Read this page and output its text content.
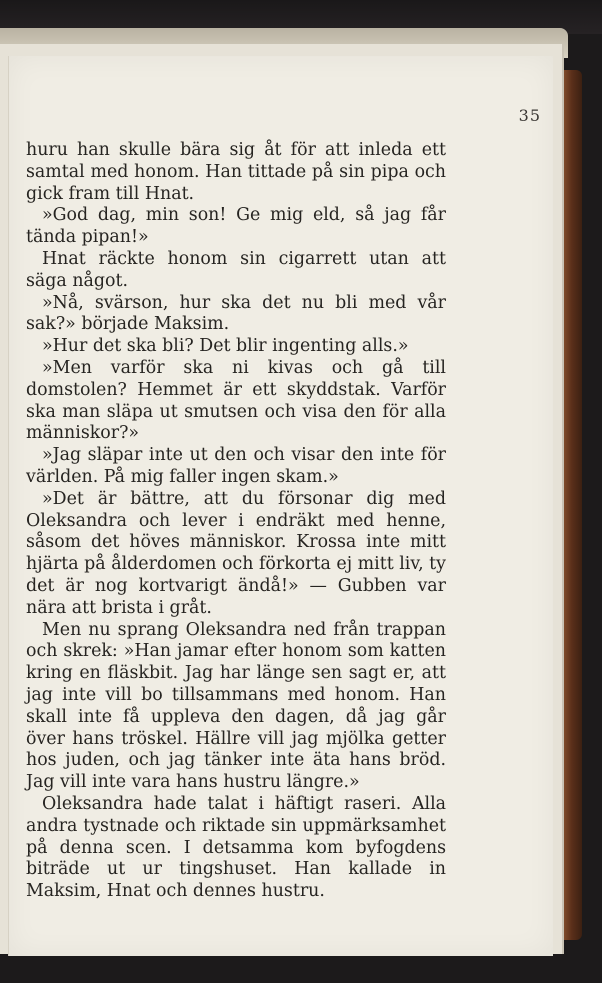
35

huru han skulle bära sig åt för att inleda ett samtal med honom. Han tittade på sin pipa och gick fram till Hnat.

»God dag, min son! Ge mig eld, så jag får tända pipan!»

Hnat räckte honom sin cigarrett utan att säga något.

»Nå, svärson, hur ska det nu bli med vår sak?» började Maksim.

»Hur det ska bli? Det blir ingenting alls.»

»Men varför ska ni kivas och gå till domstolen? Hemmet är ett skyddstak. Varför ska man släpa ut smutsen och visa den för alla människor?»

»Jag släpar inte ut den och visar den inte för världen. På mig faller ingen skam.»

»Det är bättre, att du försonar dig med Oleksandra och lever i endräkt med henne, såsom det höves människor. Krossa inte mitt hjärta på ålderdomen och förkorta ej mitt liv, ty det är nog kortvarigt ändå!» — Gubben var nära att brista i gråt.

Men nu sprang Oleksandra ned från trappan och skrek: »Han jamar efter honom som katten kring en fläskbit. Jag har länge sen sagt er, att jag inte vill bo tillsammans med honom. Han skall inte få uppleva den dagen, då jag går över hans tröskel. Hällre vill jag mjölka getter hos juden, och jag tänker inte äta hans bröd. Jag vill inte vara hans hustru längre.»

Oleksandra hade talat i häftigt raseri. Alla andra tystnade och riktade sin uppmärksamhet på denna scen. I detsamma kom byfogdens biträde ut ur tingshuset. Han kallade in Maksim, Hnat och dennes hustru.
